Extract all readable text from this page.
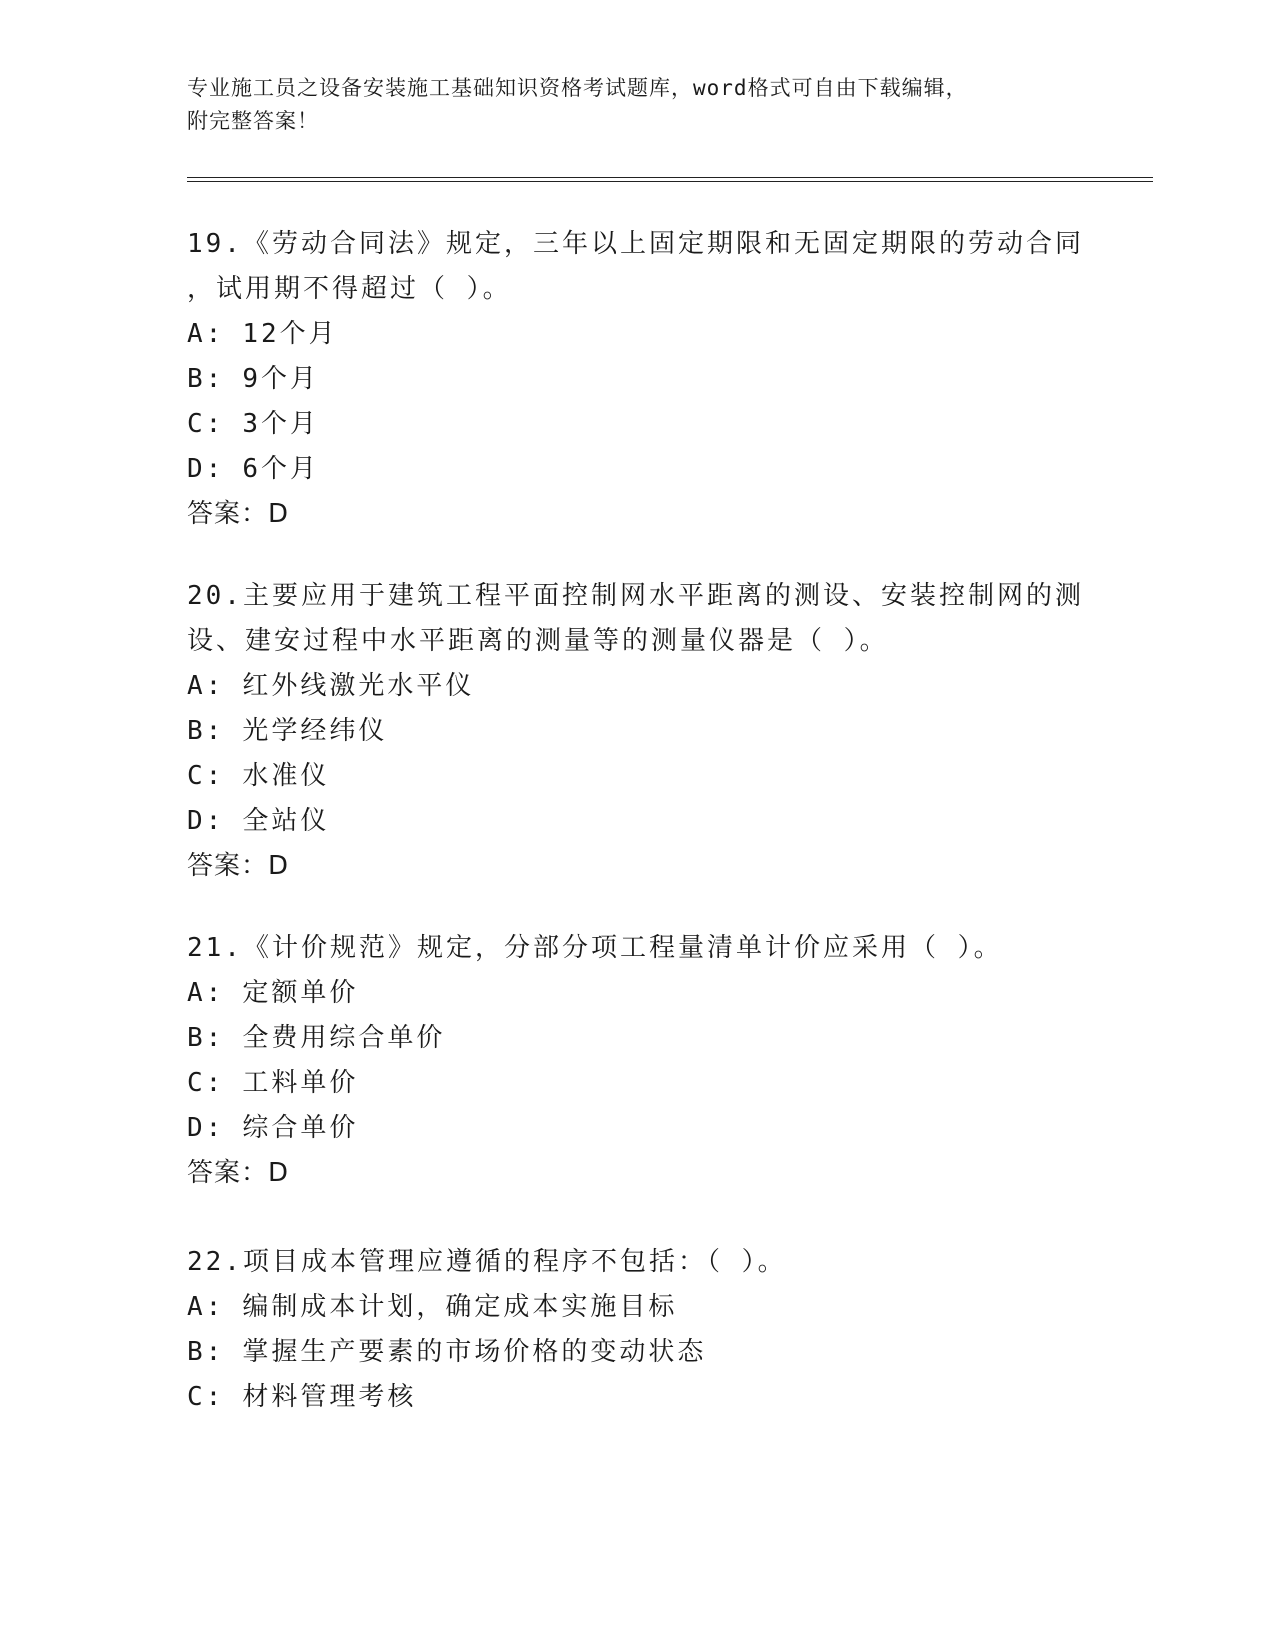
专业施工员之设备安装施工基础知识资格考试题库，word格式可自由下载编辑，
附完整答案！
19.《劳动合同法》规定，三年以上固定期限和无固定期限的劳动合同
，试用期不得超过（ ）。
A: 12个月
B: 9个月
C: 3个月
D: 6个月
答案：D
20.主要应用于建筑工程平面控制网水平距离的测设、安装控制网的测
设、建安过程中水平距离的测量等的测量仪器是（ ）。
A: 红外线激光水平仪
B: 光学经纬仪
C: 水准仪
D: 全站仪
答案：D
21.《计价规范》规定，分部分项工程量清单计价应采用（ ）。
A: 定额单价
B: 全费用综合单价
C: 工料单价
D: 综合单价
答案：D
22.项目成本管理应遵循的程序不包括：（ ）。
A: 编制成本计划，确定成本实施目标
B: 掌握生产要素的市场价格的变动状态
C: 材料管理考核
